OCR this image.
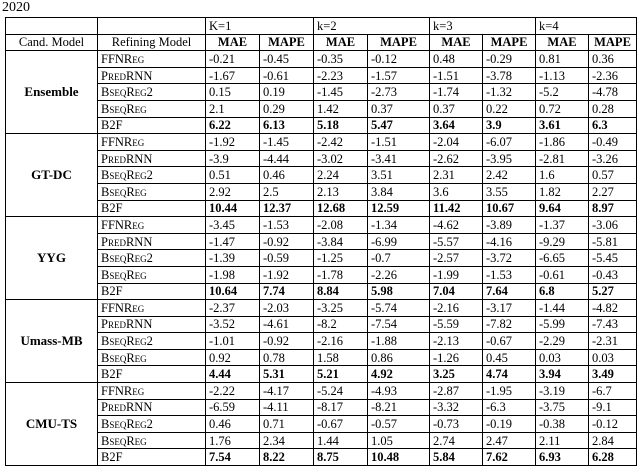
2020
		K=1		k=2		k=3		k=4	
Cand. Model	Refining Model	MAE	MAPE	MAE	MAPE	MAE	MAPE	MAE	MAPE
Ensemble	FFNReg	-0.21	-0.45	-0.35	-0.12	0.48	-0.29	0.81	0.36
	PredRNN	-1.67	-0.61	-2.23	-1.57	-1.51	-3.78	-1.13	-2.36
	BseqReg2	0.15	0.19	-1.45	-2.73	-1.74	-1.32	-5.2	-4.78
	BseqReg	2.1	0.29	1.42	0.37	0.37	0.22	0.72	0.28
	B2F	6.22	6.13	5.18	5.47	3.64	3.9	3.61	6.3
GT-DC	FFNReg	-1.92	-1.45	-2.42	-1.51	-2.04	-6.07	-1.86	-0.49
	PredRNN	-3.9	-4.44	-3.02	-3.41	-2.62	-3.95	-2.81	-3.26
	BseqReg2	0.51	0.46	2.24	3.51	2.31	2.42	1.6	0.57
	BseqReg	2.92	2.5	2.13	3.84	3.6	3.55	1.82	2.27
	B2F	10.44	12.37	12.68	12.59	11.42	10.67	9.64	8.97
YYG	FFNReg	-3.45	-1.53	-2.08	-1.34	-4.62	-3.89	-1.37	-3.06
	PredRNN	-1.47	-0.92	-3.84	-6.99	-5.57	-4.16	-9.29	-5.81
	BseqReg2	-1.39	-0.59	-1.25	-0.7	-2.57	-3.72	-6.65	-5.45
	BseqReg	-1.98	-1.92	-1.78	-2.26	-1.99	-1.53	-0.61	-0.43
	B2F	10.64	7.74	8.84	5.98	7.04	7.64	6.8	5.27
Umass-MB	FFNReg	-2.37	-2.03	-3.25	-5.74	-2.16	-3.17	-1.44	-4.82
	PredRNN	-3.52	-4.61	-8.2	-7.54	-5.59	-7.82	-5.99	-7.43
	BseqReg2	-1.01	-0.92	-2.16	-1.88	-2.13	-0.67	-2.29	-2.31
	BseqReg	0.92	0.78	1.58	0.86	-1.26	0.45	0.03	0.03
	B2F	4.44	5.31	5.21	4.92	3.25	4.74	3.94	3.49
CMU-TS	FFNReg	-2.22	-4.17	-5.24	-4.93	-2.87	-1.95	-3.19	-6.7
	PredRNN	-6.59	-4.11	-8.17	-8.21	-3.32	-6.3	-3.75	-9.1
	BseqReg2	0.46	0.71	-0.67	-0.57	-0.73	-0.19	-0.38	-0.12
	BseqReg	1.76	2.34	1.44	1.05	2.74	2.47	2.11	2.84
	B2F	7.54	8.22	8.75	10.48	5.84	7.62	6.93	6.28
